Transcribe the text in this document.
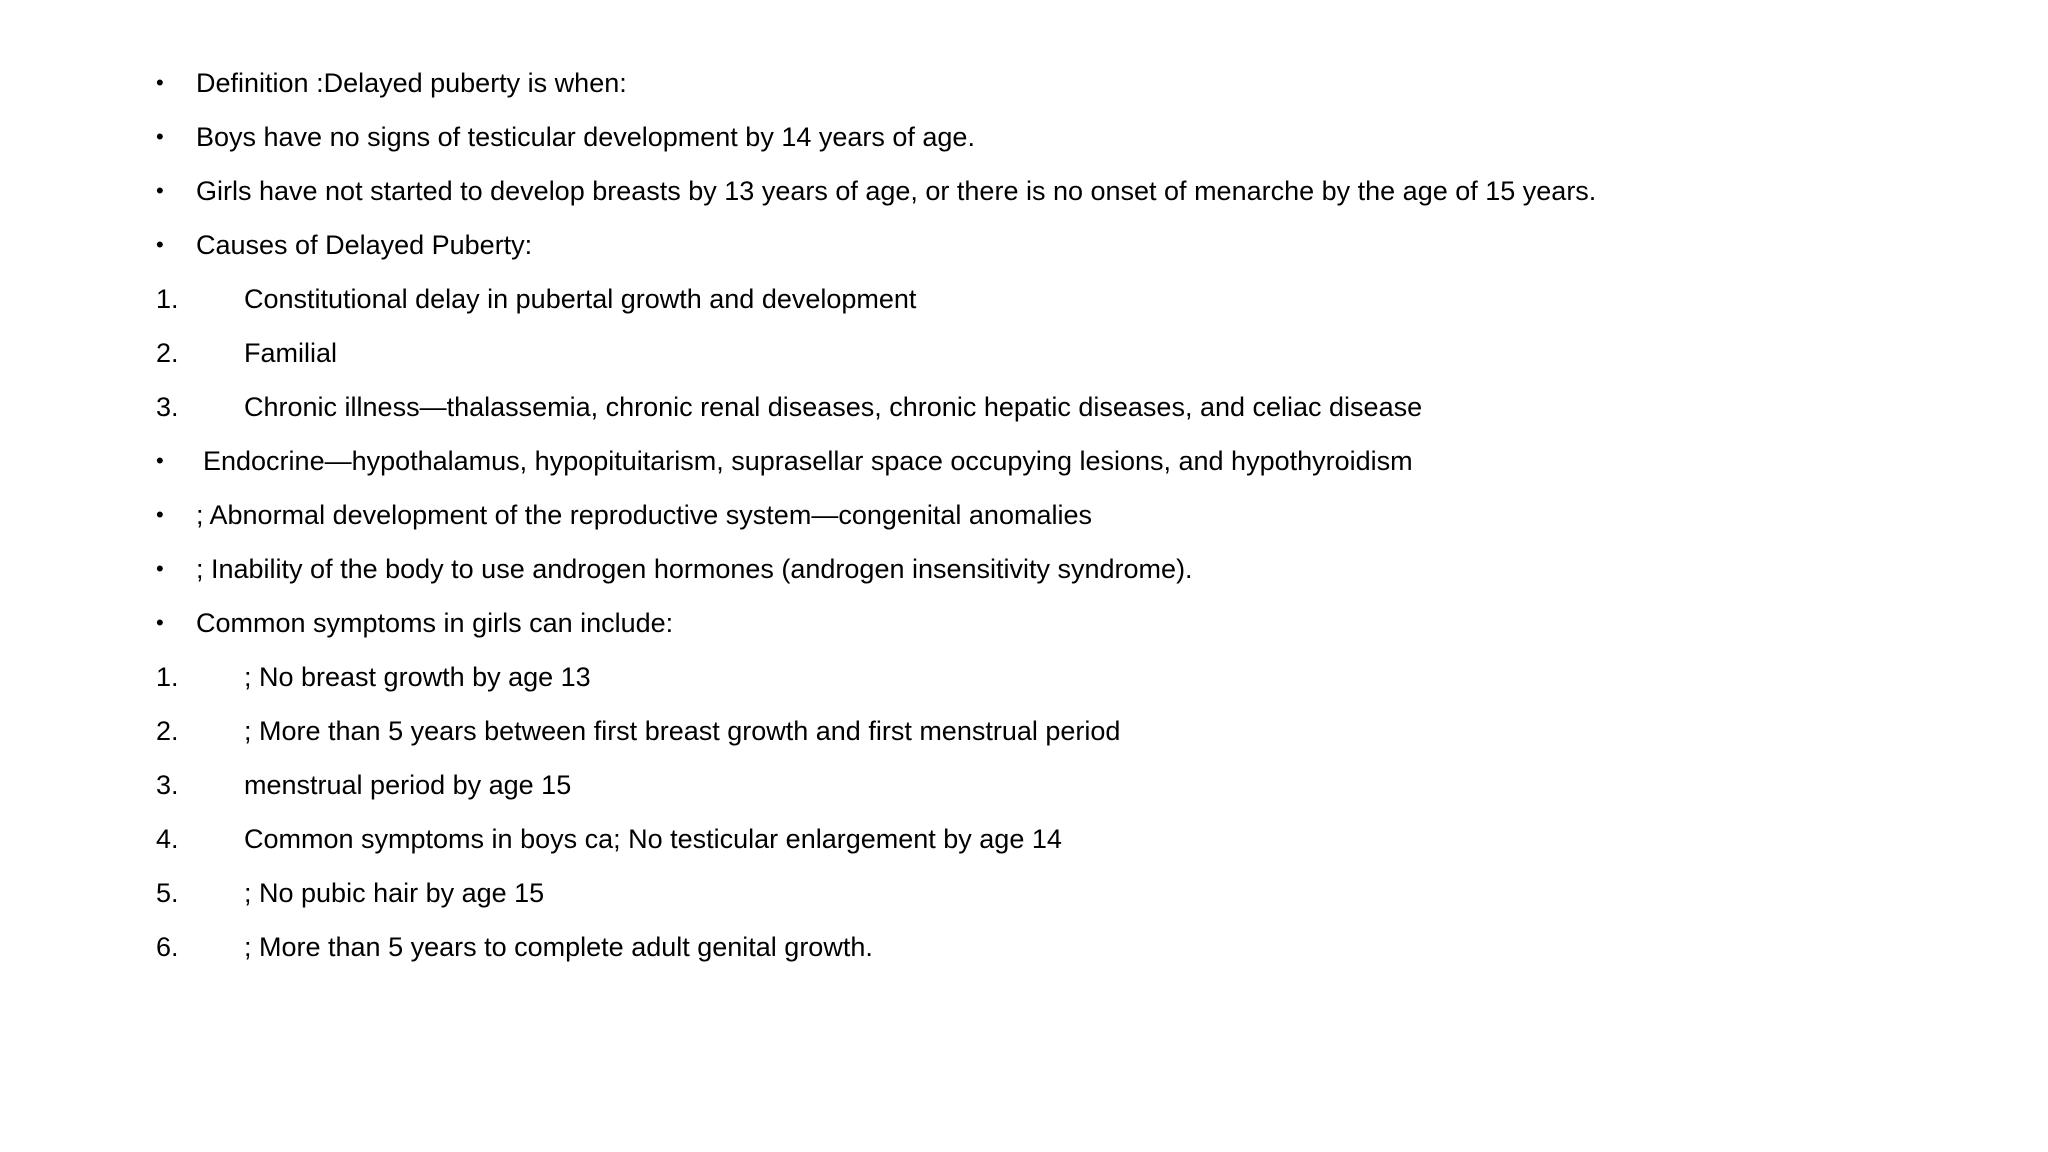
• Definition :Delayed puberty is when:
• Boys have no signs of testicular development by 14 years of age.
• Girls have not started to develop breasts by 13 years of age, or there is no onset of menarche by the age of 15 years.
• Causes of Delayed Puberty:
1. Constitutional delay in pubertal growth and development
2. Familial
3. Chronic illness—thalassemia, chronic renal diseases, chronic hepatic diseases, and celiac disease
• Endocrine—hypothalamus, hypopituitarism, suprasellar space occupying lesions, and hypothyroidism
• ; Abnormal development of the reproductive system—congenital anomalies
• ; Inability of the body to use androgen hormones (androgen insensitivity syndrome).
• Common symptoms in girls can include:
1. ; No breast growth by age 13
2. ; More than 5 years between first breast growth and first menstrual period
3. menstrual period by age 15
4. Common symptoms in boys ca; No testicular enlargement by age 14
5. ; No pubic hair by age 15
6. ; More than 5 years to complete adult genital growth.
